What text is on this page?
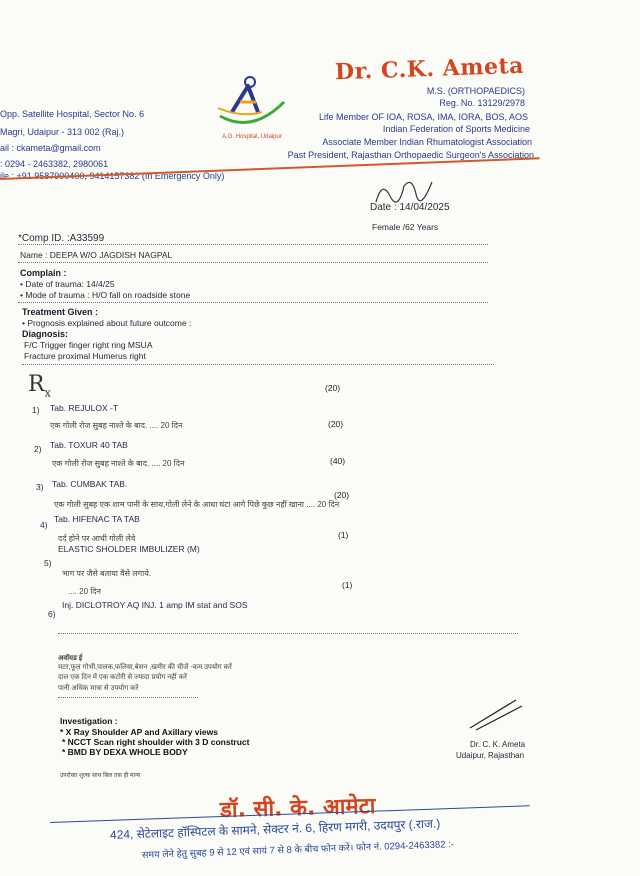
Opp. Satellite Hospital, Sector No. 6
Magri, Udaipur - 313 002 (Raj.)
ail : ckameta@gmail.com
: 0294 - 2463382, 2980061
ile : +91 9587900400, 9414157382 (In Emergency Only)
A.G. Hospital, Udaipur
Dr. C.K. Ameta
M.S. (ORTHOPAEDICS)
Reg. No. 13129/2978
Life Member OF IOA, ROSA, IMA, IORA, BOS, AOS
Indian Federation of Sports Medicine
Associate Member Indian Rhumatologist Association
Past President, Rajasthan Orthopaedic Surgeon's Association
Date : 14/04/2025
*Comp ID. :A33599
Female /62 Years
Name : DEEPA W/O JAGDISH NAGPAL
Complain :
• Date of trauma: 14/4/25
• Mode of trauma : H/O fall on roadside stone
Treatment Given :
• Prognosis explained about future outcome :
Diagnosis:
F/C Trigger finger right ring MSUA
Fracture proximal Humerus right
$R_x$	(20)
1) Tab. REJULOX -T
एक गोली रोज सुबह नाश्ते के बाद. .... 20 दिन	(20)
2) Tab. TOXUR 40 TAB
एक गोली रोज सुबह नाश्ते के बाद. .... 20 दिन	(40)
3) Tab. CUMBAK TAB.
एक गोली सुबह एक शाम पानी के साथ,गोली लेने के आधा घंटा आगे पिछे कुछ नहीं खाना .... 20 दिन
(20)
4)
Tab. HIFENAC TA TAB
दर्द होने पर आधी गोली लेवे	(1)
5)
ELASTIC SHOLDER IMBULIZER (M)
भाग पर जैसे बताया वैसे लगाये.
.... 20 दिन
(1)
6)
Inj. DICLOTROY AQ INJ. 1 amp IM stat and SOS
अवॉयड ई
मटर,फूल गोभी,पालक,फलिया,बेसन ,खमीर की चीजें -कम उपयोग करें
दाल एक दिन में एक कटोरी से ज्यादा प्रयोग नहीं करें
पानी अधिक मात्रा से उपयोग करें
Investigation :
* X Ray Shoulder AP and Axillary views
* NCCT Scan right shoulder with 3 D construct
* BMD BY DEXA WHOLE BODY
Dr. C. K. Ameta
Udaipur, Rajasthan
उपरोक्त शुल्क साथ बिल तक ही मान्य
डॉ. सी. के. आमेटा
424, सेटेलाइट हॉस्पिटल के सामने, सेक्टर नं. 6, हिरण मगरी, उदयपुर (.राज.)
समय लेने हेतु सुबह 9 से 12 एवं सायं 7 से 8 के बीच फोन करें। फोन नं. 0294-2463382 :-
